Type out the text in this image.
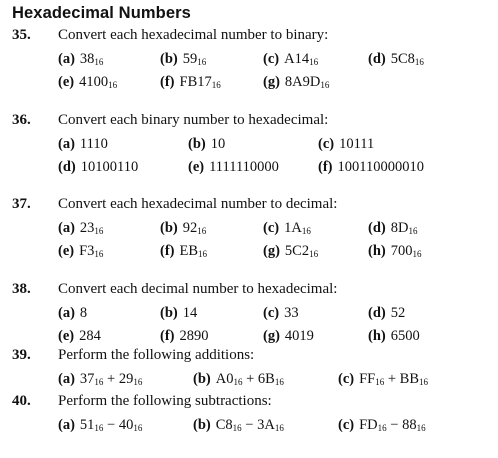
Hexadecimal Numbers
35. Convert each hexadecimal number to binary:
(a) $38_{16}$	(b) $59_{16}$	(c) $A14_{16}$	(d) $5C8_{16}$
(e) $4100_{16}$	(f) $FB17_{16}$	(g) $8A9D_{16}$
36. Convert each binary number to hexadecimal:
(a) 1110	(b) 10	(c) 10111
(d) 10100110	(e) 1111110000	(f) 100110000010
37. Convert each hexadecimal number to decimal:
(a) $23_{16}$	(b) $92_{16}$	(c) $1A_{16}$	(d) $8D_{16}$
(e) $F3_{16}$	(f) $EB_{16}$	(g) $5C2_{16}$	(h) $700_{16}$
38. Convert each decimal number to hexadecimal:
(a) 8	(b) 14	(c) 33	(d) 52
(e) 284	(f) 2890	(g) 4019	(h) 6500
39. Perform the following additions:
(a) $37_{16} + 29_{16}$	(b) $A0_{16} + 6B_{16}$	(c) $FF_{16} + BB_{16}$
40. Perform the following subtractions:
(a) $51_{16} - 40_{16}$	(b) $C8_{16} - 3A_{16}$	(c) $FD_{16} - 88_{16}$
